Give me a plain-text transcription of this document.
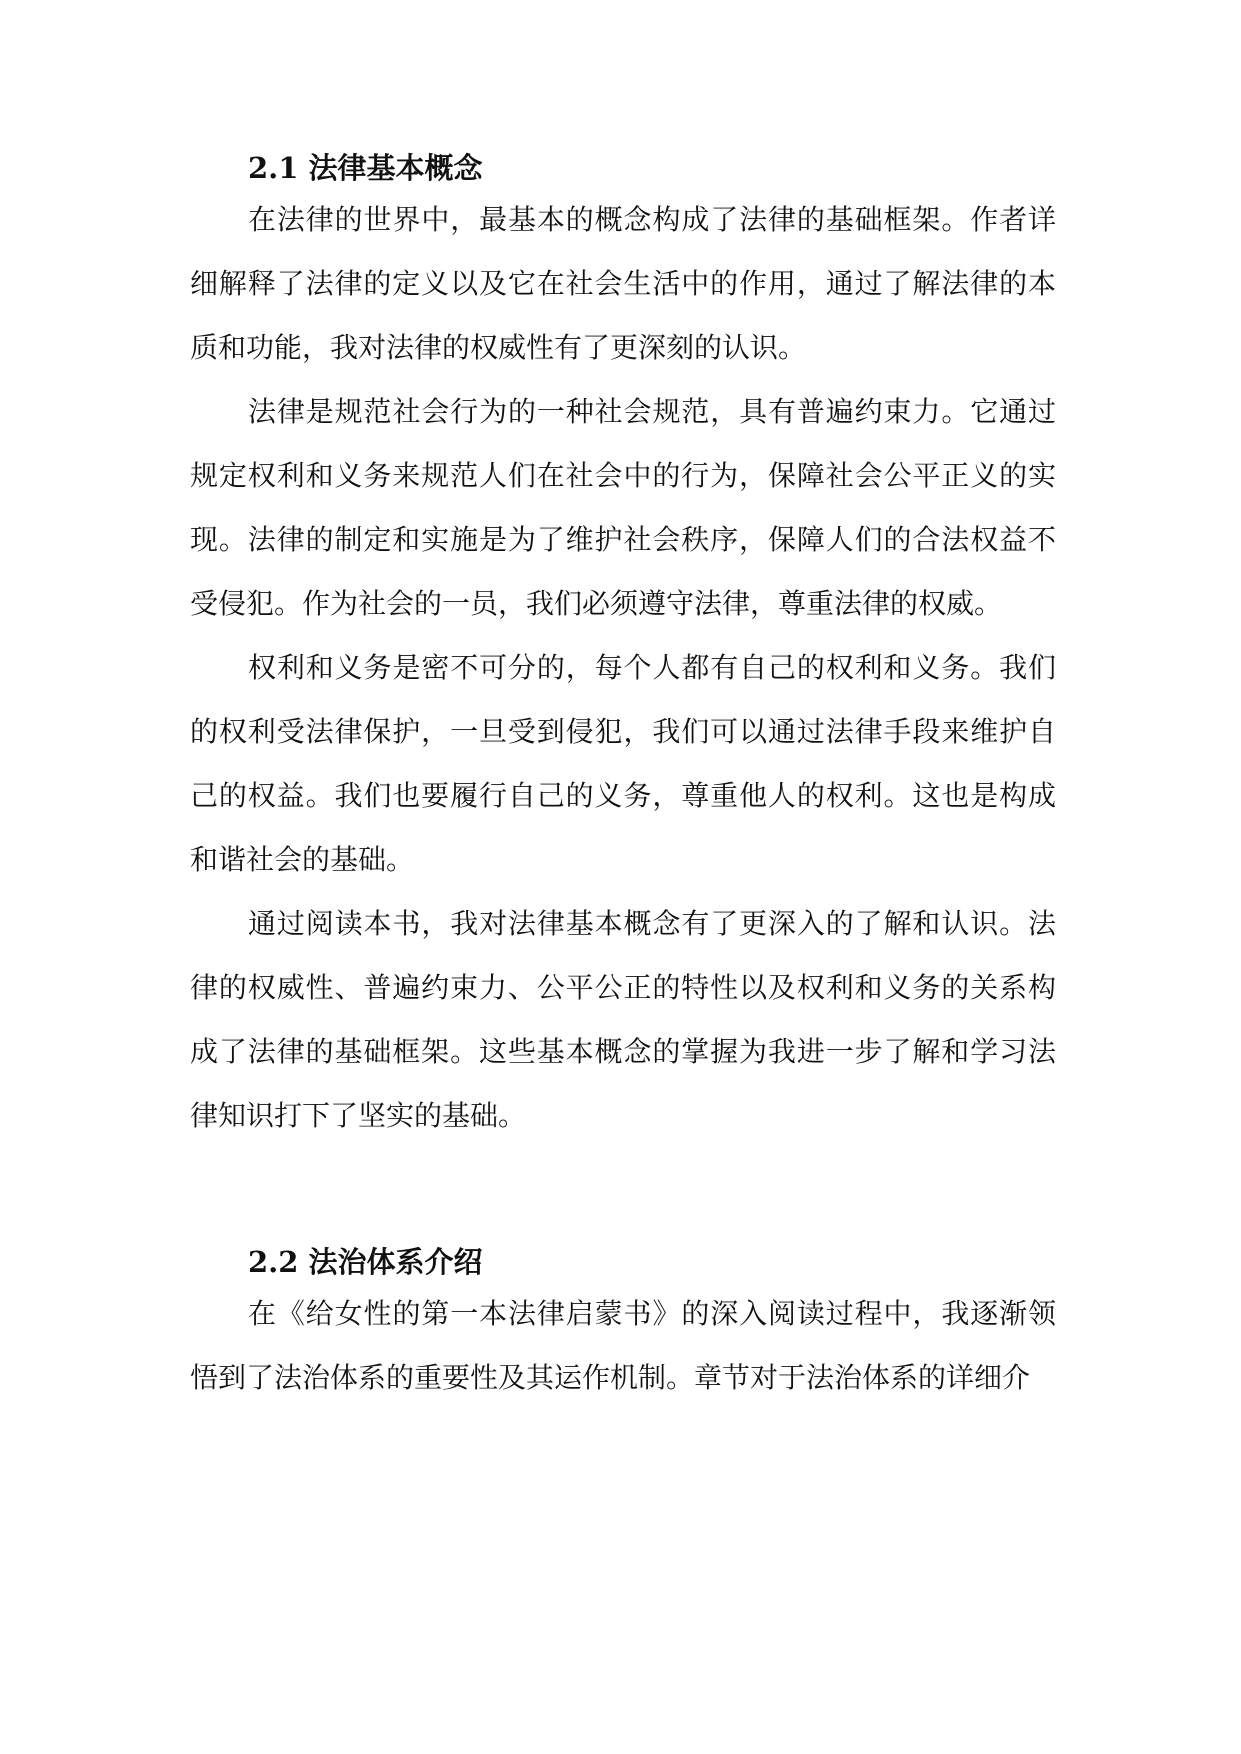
2.1 法律基本概念

在法律的世界中，最基本的概念构成了法律的基础框架。作者详细解释了法律的定义以及它在社会生活中的作用，通过了解法律的本质和功能，我对法律的权威性有了更深刻的认识。

法律是规范社会行为的一种社会规范，具有普遍约束力。它通过规定权利和义务来规范人们在社会中的行为，保障社会公平正义的实现。法律的制定和实施是为了维护社会秩序，保障人们的合法权益不受侵犯。作为社会的一员，我们必须遵守法律，尊重法律的权威。

权利和义务是密不可分的，每个人都有自己的权利和义务。我们的权利受法律保护，一旦受到侵犯，我们可以通过法律手段来维护自己的权益。我们也要履行自己的义务，尊重他人的权利。这也是构成和谐社会的基础。

通过阅读本书，我对法律基本概念有了更深入的了解和认识。法律的权威性、普遍约束力、公平公正的特性以及权利和义务的关系构成了法律的基础框架。这些基本概念的掌握为我进一步了解和学习法律知识打下了坚实的基础。

2.2 法治体系介绍

在《给女性的第一本法律启蒙书》的深入阅读过程中，我逐渐领悟到了法治体系的重要性及其运作机制。章节对于法治体系的详细介
